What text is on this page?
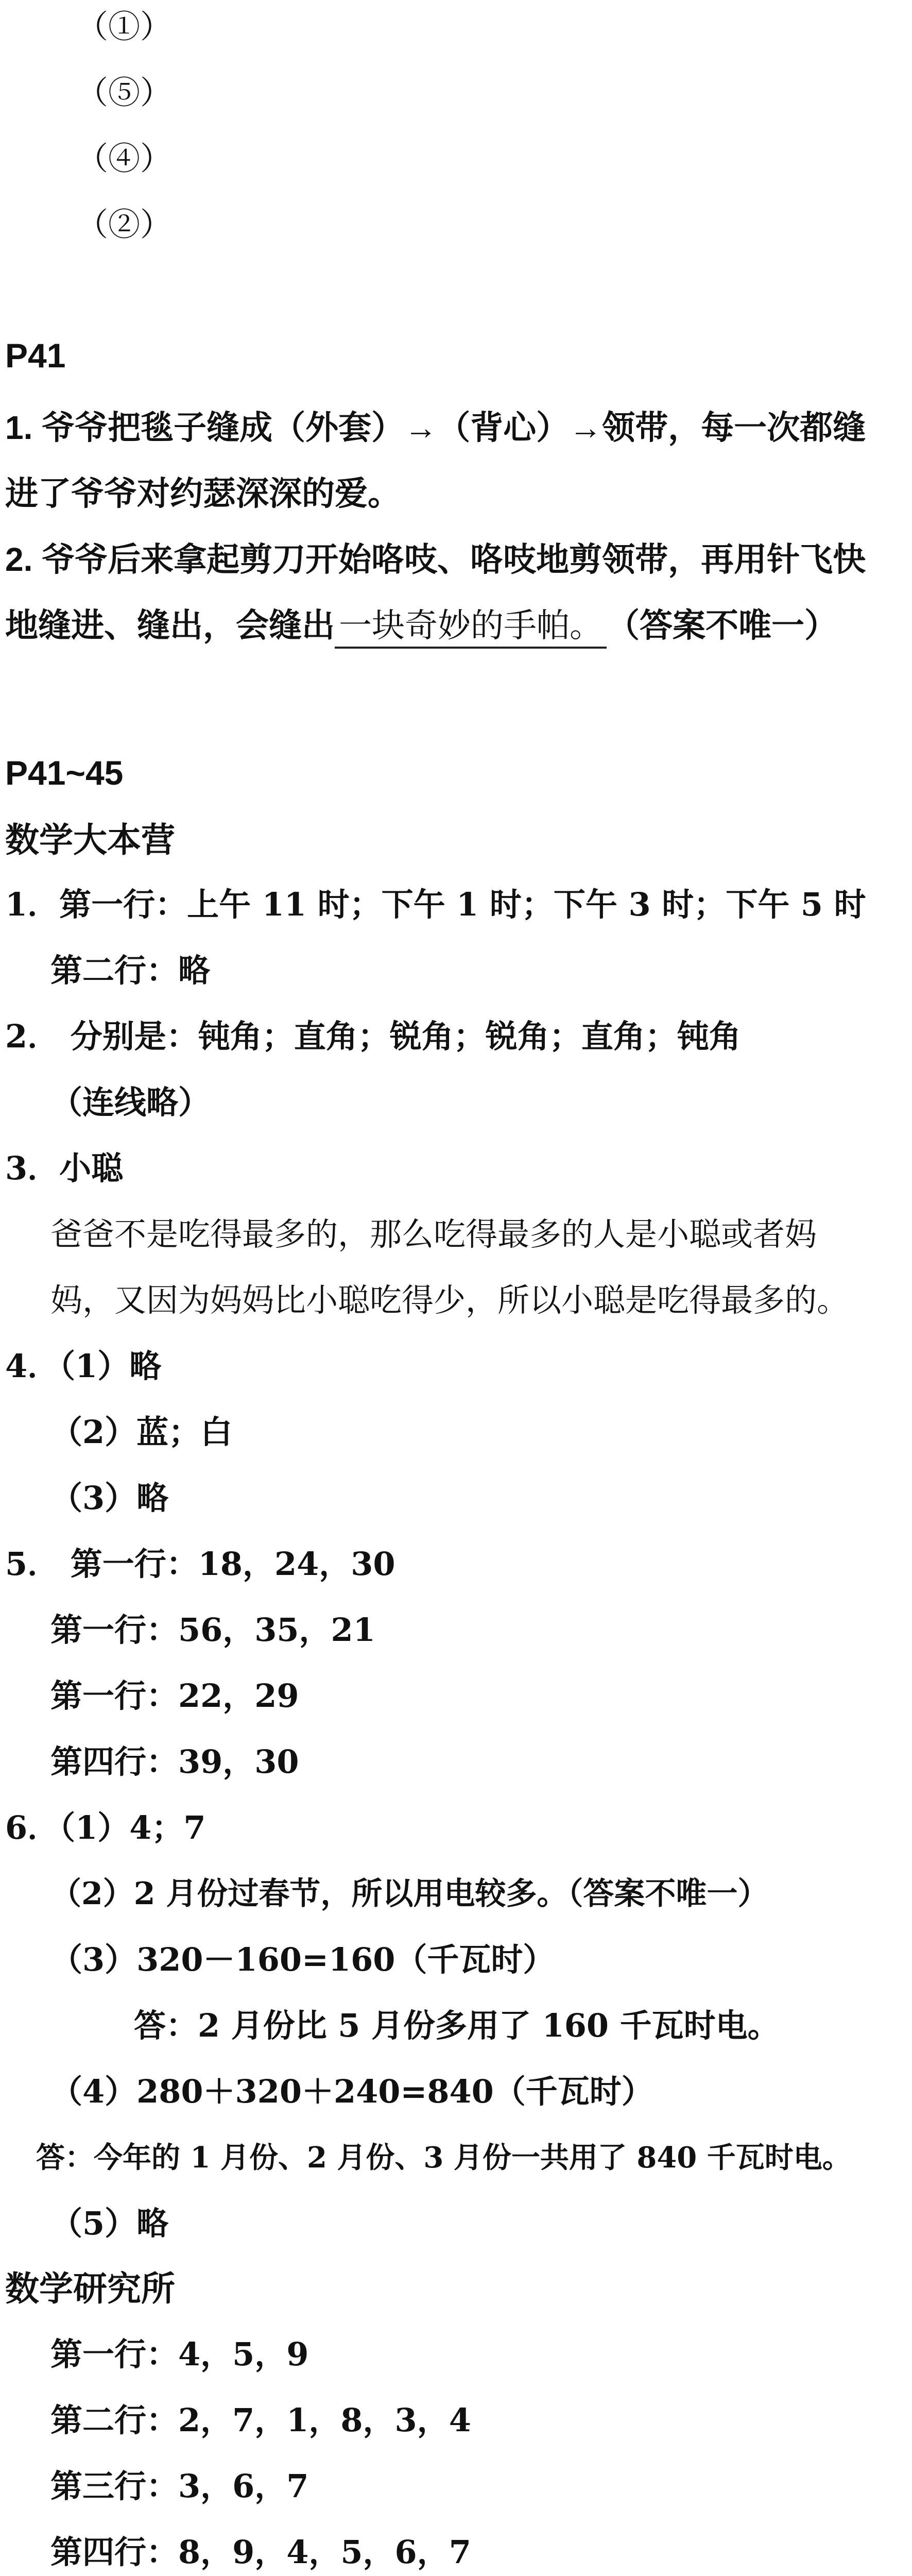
（①）
（⑤）
（④）
（②）
P41
1. 爷爷把毯子缝成（外套）→（背心）→领带，每一次都缝
进了爷爷对约瑟深深的爱。
2. 爷爷后来拿起剪刀开始咯吱、咯吱地剪领带，再用针飞快
地缝进、缝出，会缝出 一块奇妙的手帕。 （答案不唯一）
P41~45
数学大本营
1．第一行：上午 11 时；下午 1 时；下午 3 时；下午 5 时
第二行：略
2． 分别是：钝角；直角；锐角；锐角；直角；钝角
（连线略）
3．小聪
爸爸不是吃得最多的，那么吃得最多的人是小聪或者妈
妈，又因为妈妈比小聪吃得少，所以小聪是吃得最多的。
4．（1）略
（2）蓝；白
（3）略
5． 第一行：18，24，30
第一行：56，35，21
第一行：22，29
第四行：39，30
6．（1）4；7
（2）2 月份过春节，所以用电较多。（答案不唯一）
（3）320－160=160（千瓦时）
答：2 月份比 5 月份多用了 160 千瓦时电。
（4）280＋320＋240=840（千瓦时）
答：今年的 1 月份、2 月份、3 月份一共用了 840 千瓦时电。
（5）略
数学研究所
第一行：4，5，9
第二行：2，7，1，8，3，4
第三行：3，6，7
第四行：8，9，4，5，6，7
